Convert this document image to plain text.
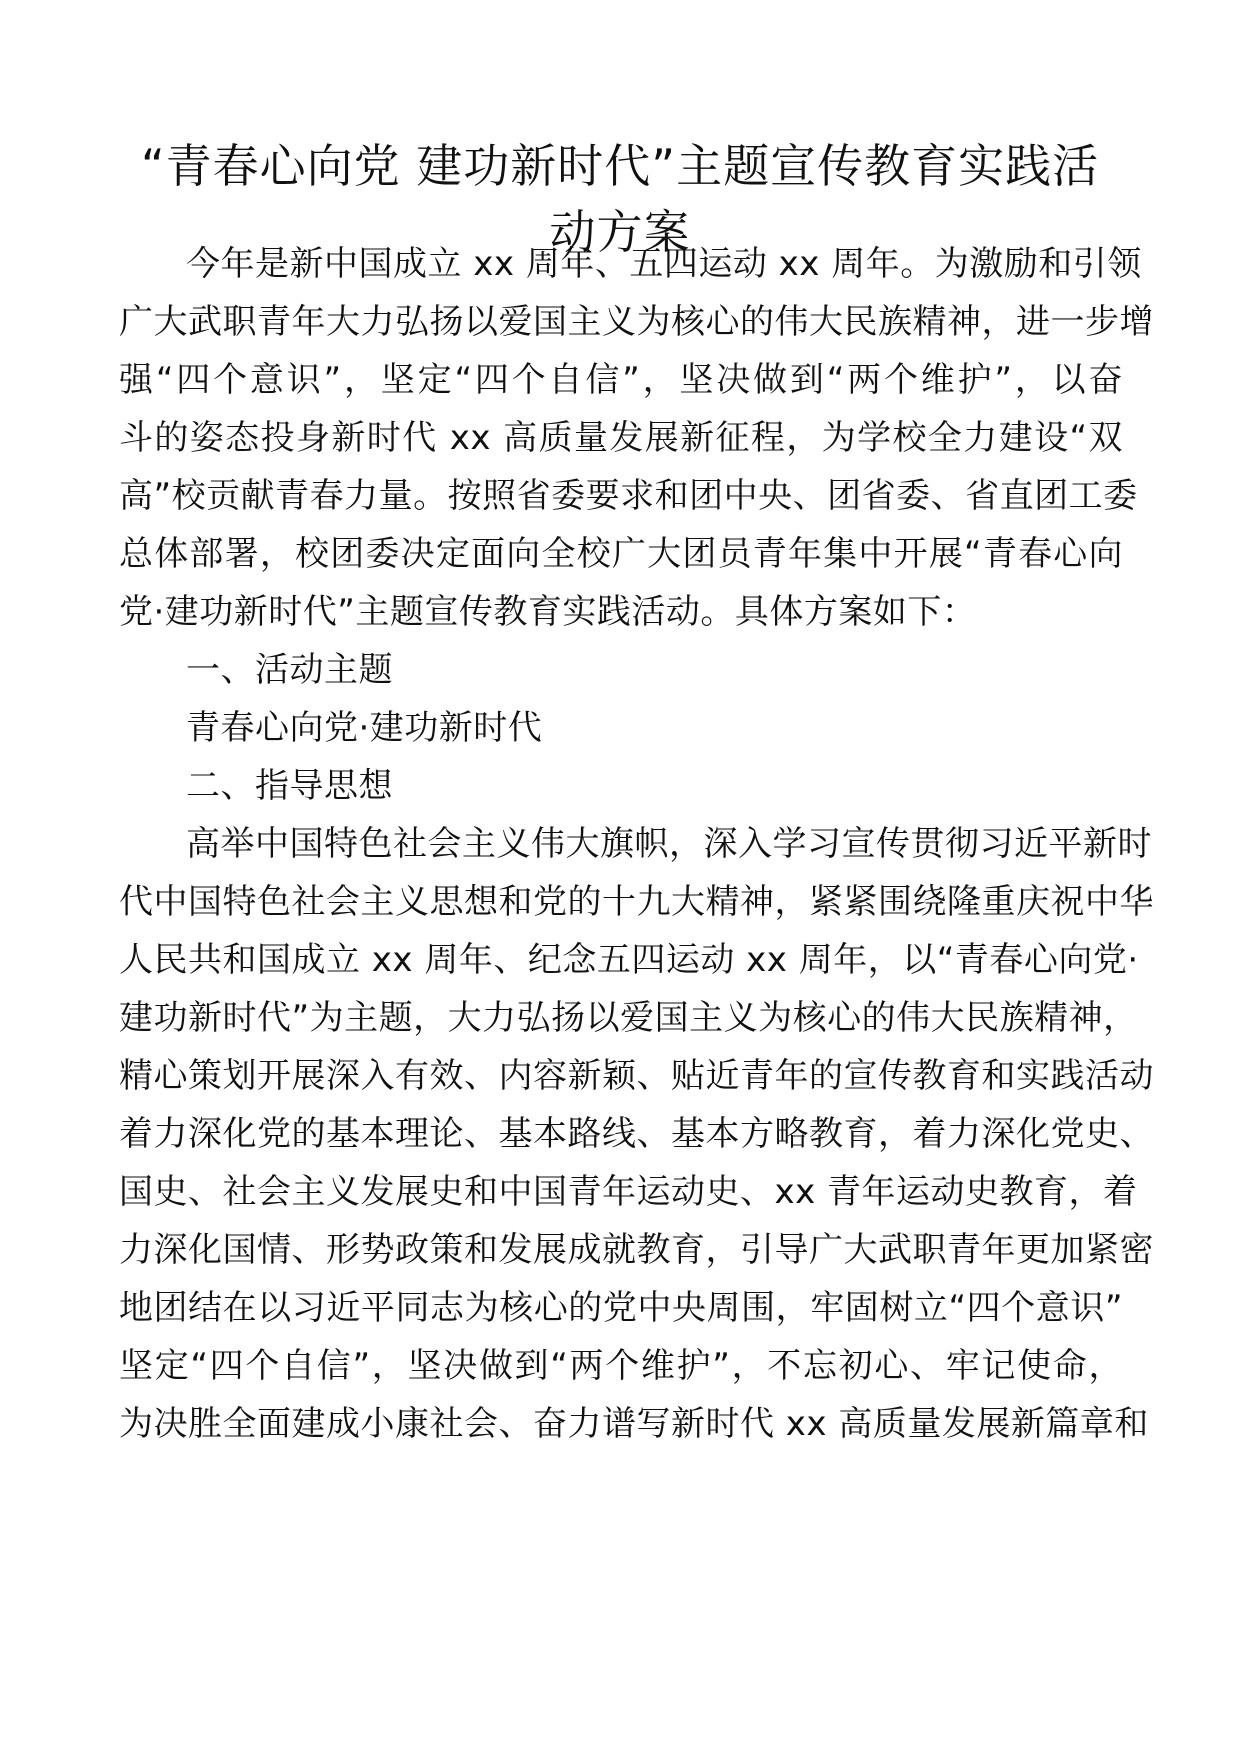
“青春心向党 建功新时代”主题宣传教育实践活
动方案
今年是新中国成立 xx 周年、五四运动 xx 周年。为激励和引领
广大武职青年大力弘扬以爱国主义为核心的伟大民族精神，进一步增
强“四个意识”，坚定“四个自信”，坚决做到“两个维护”，以奋
斗的姿态投身新时代 xx 高质量发展新征程，为学校全力建设“双
高”校贡献青春力量。按照省委要求和团中央、团省委、省直团工委
总体部署，校团委决定面向全校广大团员青年集中开展“青春心向
党·建功新时代”主题宣传教育实践活动。具体方案如下：
一、活动主题
青春心向党·建功新时代
二、指导思想
高举中国特色社会主义伟大旗帜，深入学习宣传贯彻习近平新时
代中国特色社会主义思想和党的十九大精神，紧紧围绕隆重庆祝中华
人民共和国成立 xx 周年、纪念五四运动 xx 周年，以“青春心向党·
建功新时代”为主题，大力弘扬以爱国主义为核心的伟大民族精神，
精心策划开展深入有效、内容新颖、贴近青年的宣传教育和实践活动
着力深化党的基本理论、基本路线、基本方略教育，着力深化党史、
国史、社会主义发展史和中国青年运动史、xx 青年运动史教育，着
力深化国情、形势政策和发展成就教育，引导广大武职青年更加紧密
地团结在以习近平同志为核心的党中央周围，牢固树立“四个意识”
坚定“四个自信”，坚决做到“两个维护”，不忘初心、牢记使命，
为决胜全面建成小康社会、奋力谱写新时代 xx 高质量发展新篇章和
